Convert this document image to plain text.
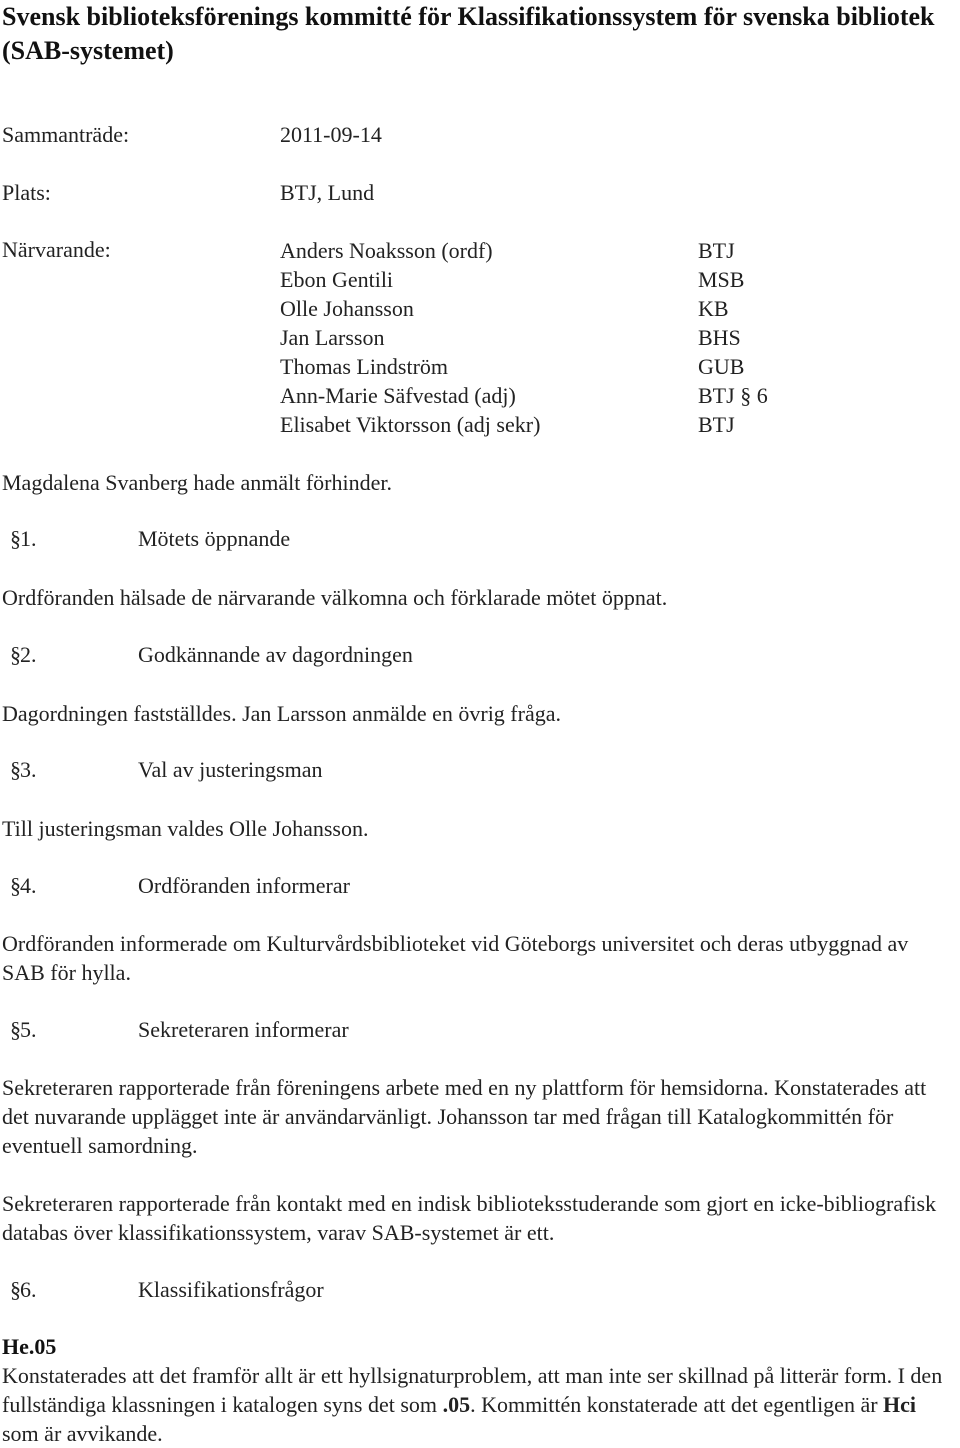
Svensk biblioteksförenings kommitté för Klassifikationssystem för svenska bibliotek (SAB-systemet)
Sammanträde:	2011-09-14
Plats:	BTJ, Lund
Närvarande:	Anders Noaksson (ordf)	BTJ
Ebon Gentili	MSB
Olle Johansson	KB
Jan Larsson	BHS
Thomas Lindström	GUB
Ann-Marie Säfvestad (adj)	BTJ § 6
Elisabet Viktorsson (adj sekr)	BTJ

Magdalena Svanberg hade anmält förhinder.

§ 1.	Mötets öppnande

Ordföranden hälsade de närvarande välkomna och förklarade mötet öppnat.

§ 2.	Godkännande av dagordningen

Dagordningen fastställdes. Jan Larsson anmälde en övrig fråga.

§ 3.	Val av justeringsman

Till justeringsman valdes Olle Johansson.

§ 4.	Ordföranden informerar

Ordföranden informerade om Kulturvårdsbiblioteket vid Göteborgs universitet och deras utbyggnad av SAB för hylla.

§ 5.	Sekreteraren informerar

Sekreteraren rapporterade från föreningens arbete med en ny plattform för hemsidorna. Konstaterades att det nuvarande upplägget inte är användarvänligt. Johansson tar med frågan till Katalogkommittén för eventuell samordning.

Sekreteraren rapporterade från kontakt med en indisk biblioteksstuderande som gjort en icke-bibliografisk databas över klassifikationssystem, varav SAB-systemet är ett.

§ 6.	Klassifikationsfrågor
He.05

Konstaterades att det framför allt är ett hyllsignaturproblem, att man inte ser skillnad på litterär form. I den fullständiga klassningen i katalogen syns det som .05. Kommittén konstaterade att det egentligen är Hci som är avvikande.
